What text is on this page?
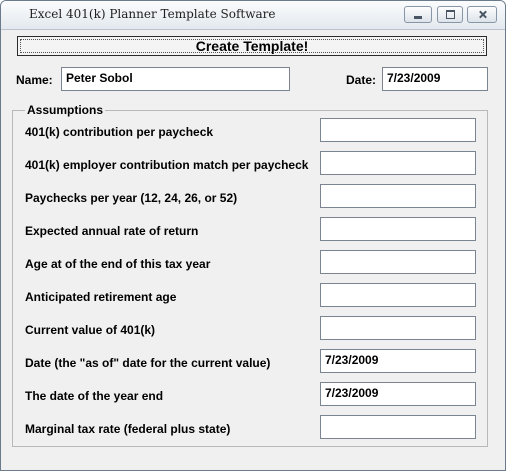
Excel 401(k) Planner Template Software
Create Template!
Name:	Peter Sobol	Date: 7/23/2009
Assumptions
401(k) contribution per paycheck
401(k) employer contribution match per paycheck
Paychecks per year (12, 24, 26, or 52)
Expected annual rate of return
Age at of the end of this tax year
Anticipated retirement age
Current value of 401(k)
Date (the "as of" date for the current value)	7/23/2009
The date of the year end	7/23/2009
Marginal tax rate (federal plus state)
